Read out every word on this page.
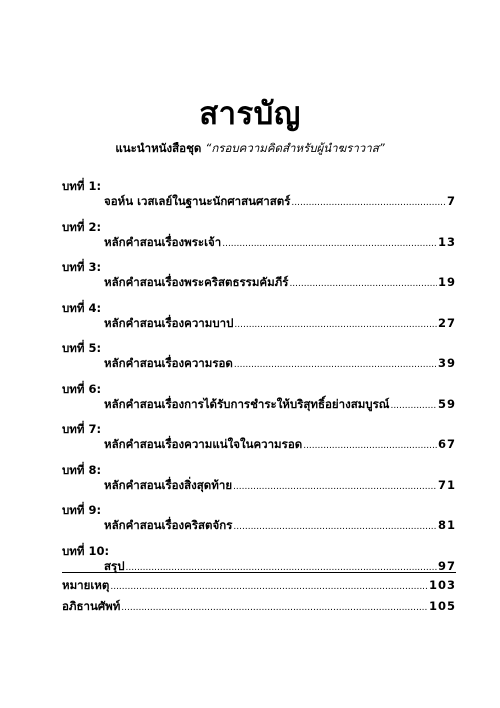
สารบัญ
แนะนำหนังสือชุด “กรอบความคิดสำหรับผู้นำฆราวาส”
บทที่ 1:
จอห์น เวสเลย์ในฐานะนักศาสนศาสตร์ .....	7
บทที่ 2:
หลักคำสอนเรื่องพระเจ้า .....	13
บทที่ 3:
หลักคำสอนเรื่องพระคริสตธรรมคัมภีร์ .....	19
บทที่ 4:
หลักคำสอนเรื่องความบาป .....	27
บทที่ 5:
หลักคำสอนเรื่องความรอด .....	39
บทที่ 6:
หลักคำสอนเรื่องการได้รับการชำระให้บริสุทธิ์อย่างสมบูรณ์ .....	59
บทที่ 7:
หลักคำสอนเรื่องความแน่ใจในความรอด .....	67
บทที่ 8:
หลักคำสอนเรื่องสิ่งสุดท้าย .....	71
บทที่ 9:
หลักคำสอนเรื่องคริสตจักร .....	81
บทที่ 10:
สรุป .....	97
หมายเหตุ .....	103
อภิธานศัพท์ .....	105
